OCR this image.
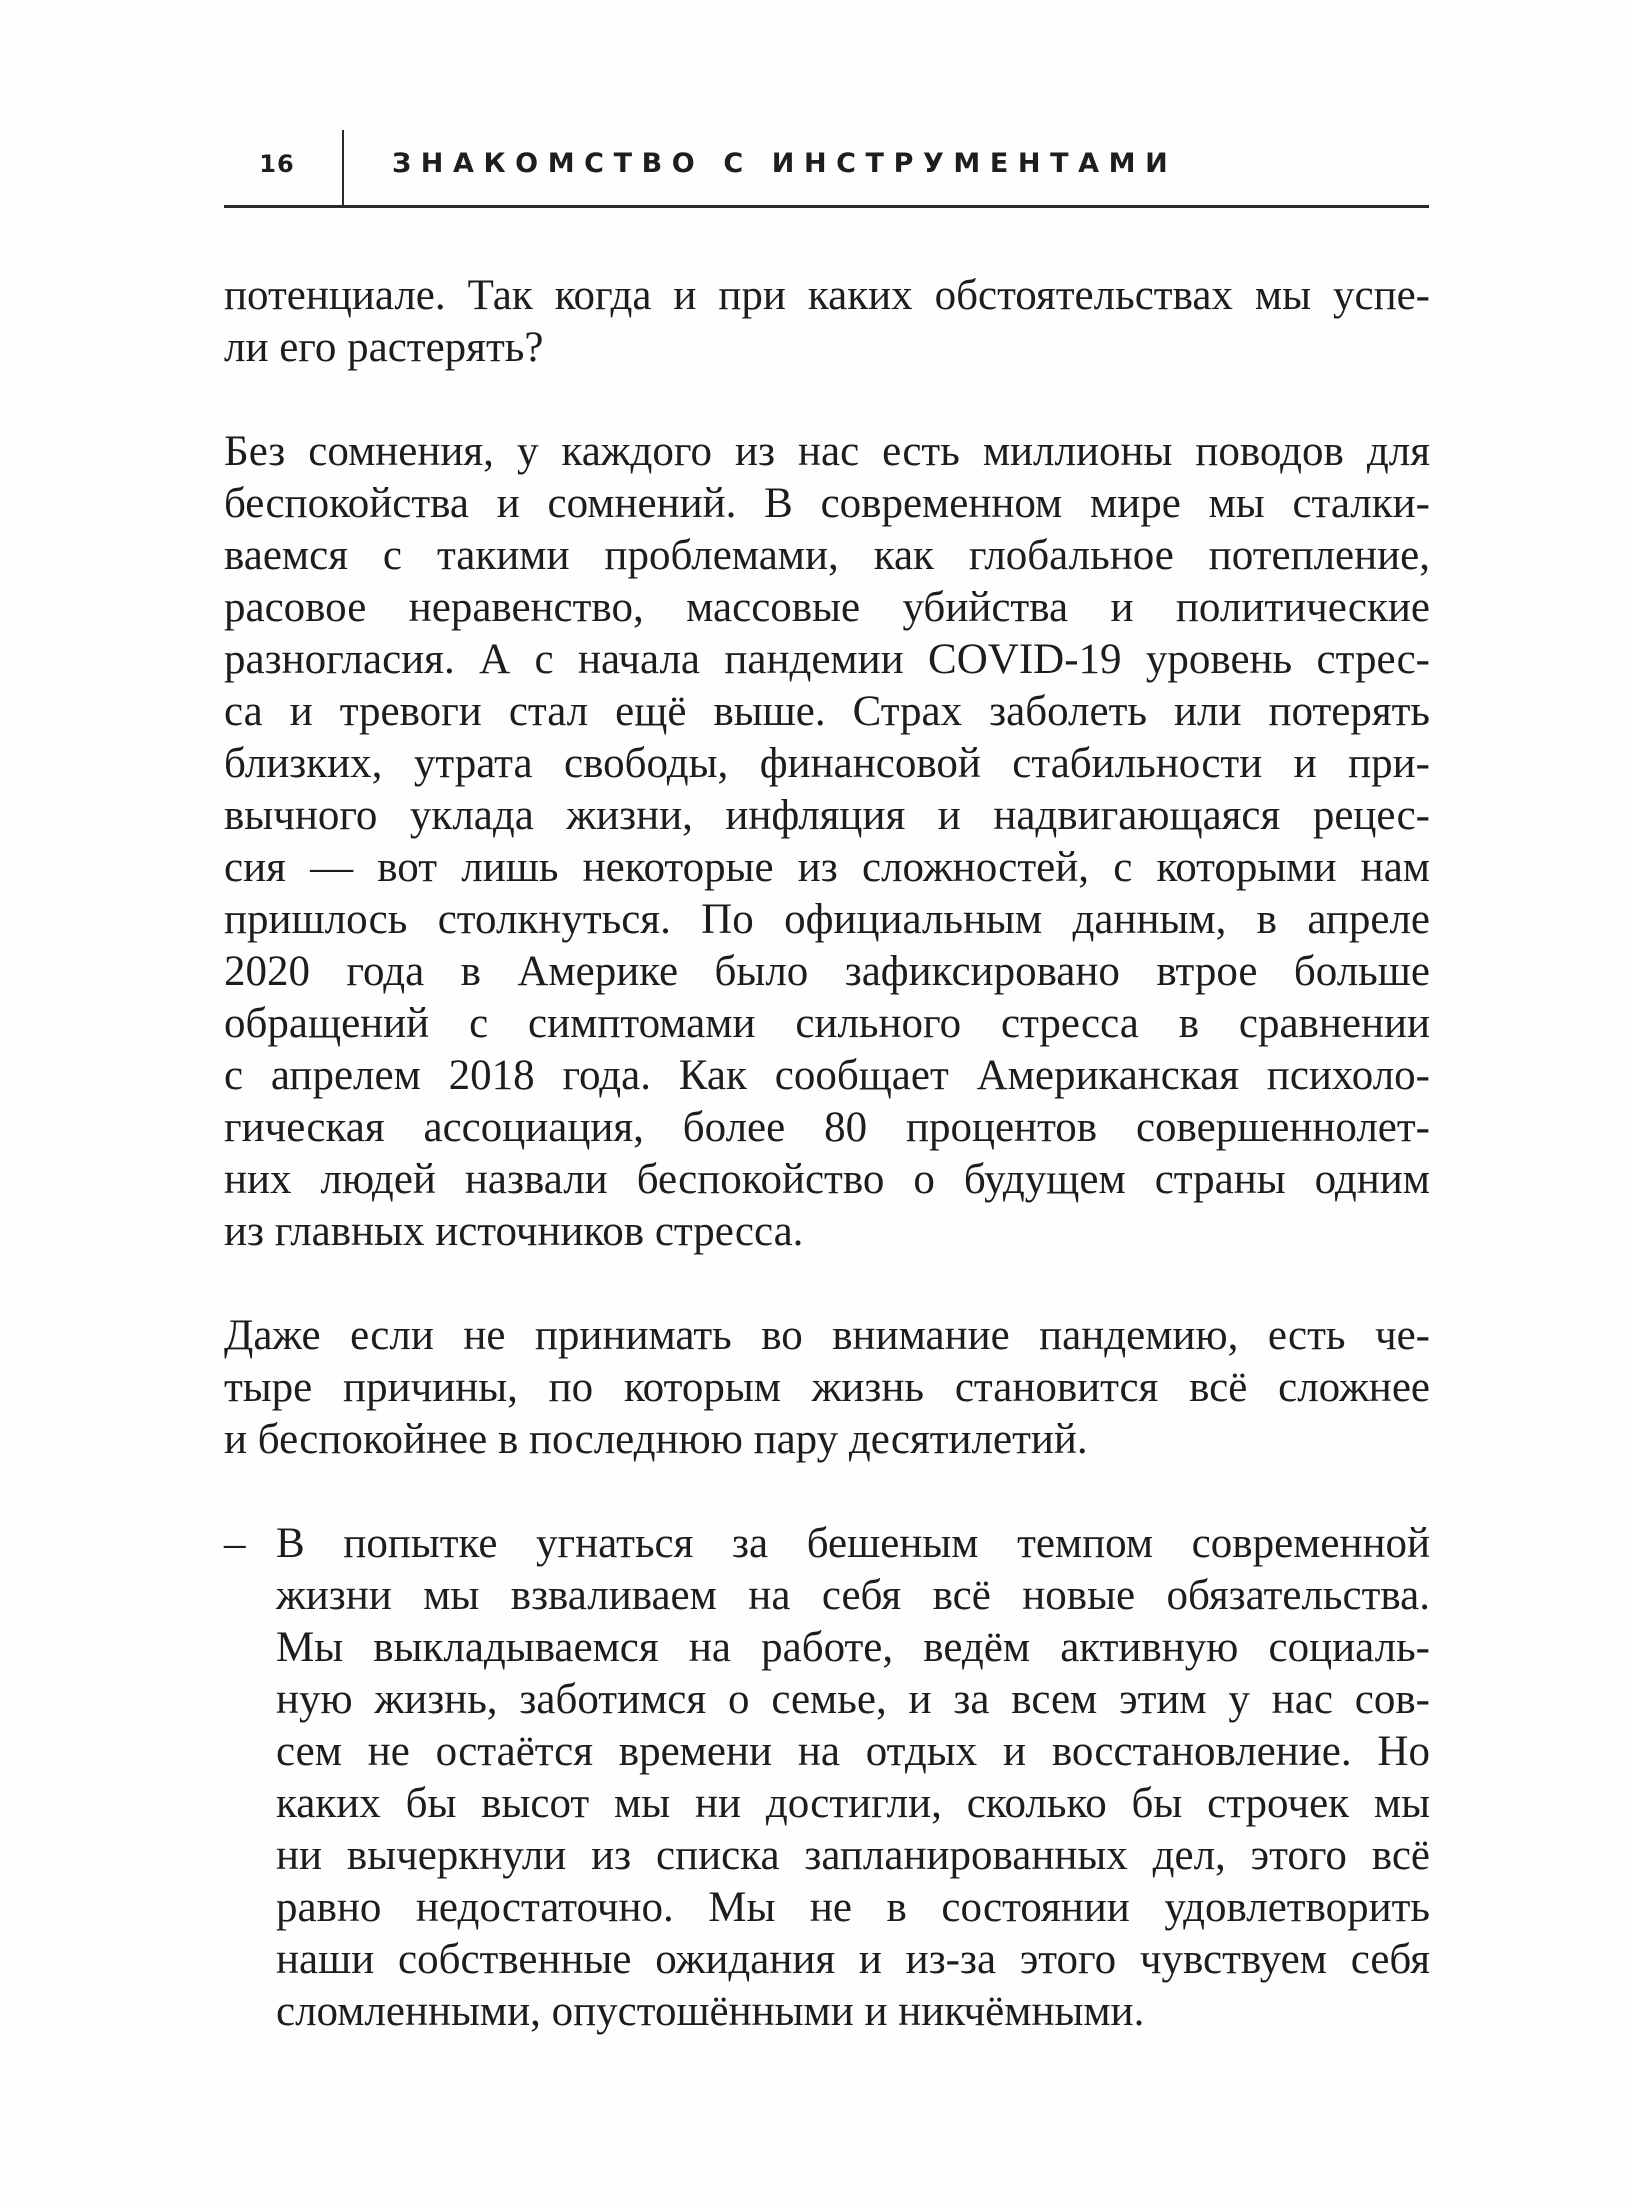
16	ЗНАКОМСТВО С ИНСТРУМЕНТАМИ
потенциале. Так когда и при каких обстоятельствах мы успе-
ли его растерять?
Без сомнения, у каждого из нас есть миллионы поводов для
беспокойства и сомнений. В современном мире мы сталки-
ваемся с такими проблемами, как глобальное потепление,
расовое неравенство, массовые убийства и политические
разногласия. А с начала пандемии COVID-19 уровень стрес-
са и тревоги стал ещё выше. Страх заболеть или потерять
близких, утрата свободы, финансовой стабильности и при-
вычного уклада жизни, инфляция и надвигающаяся рецес-
сия — вот лишь некоторые из сложностей, с которыми нам
пришлось столкнуться. По официальным данным, в апреле
2020 года в Америке было зафиксировано втрое больше
обращений с симптомами сильного стресса в сравнении
с апрелем 2018 года. Как сообщает Американская психоло-
гическая ассоциация, более 80 процентов совершеннолет-
них людей назвали беспокойство о будущем страны одним
из главных источников стресса.
Даже если не принимать во внимание пандемию, есть че-
тыре причины, по которым жизнь становится всё сложнее
и беспокойнее в последнюю пару десятилетий.
– В попытке угнаться за бешеным темпом современной
жизни мы взваливаем на себя всё новые обязательства.
Мы выкладываемся на работе, ведём активную социаль-
ную жизнь, заботимся о семье, и за всем этим у нас сов-
сем не остаётся времени на отдых и восстановление. Но
каких бы высот мы ни достигли, сколько бы строчек мы
ни вычеркнули из списка запланированных дел, этого всё
равно недостаточно. Мы не в состоянии удовлетворить
наши собственные ожидания и из-за этого чувствуем себя
сломленными, опустошёнными и никчёмными.
